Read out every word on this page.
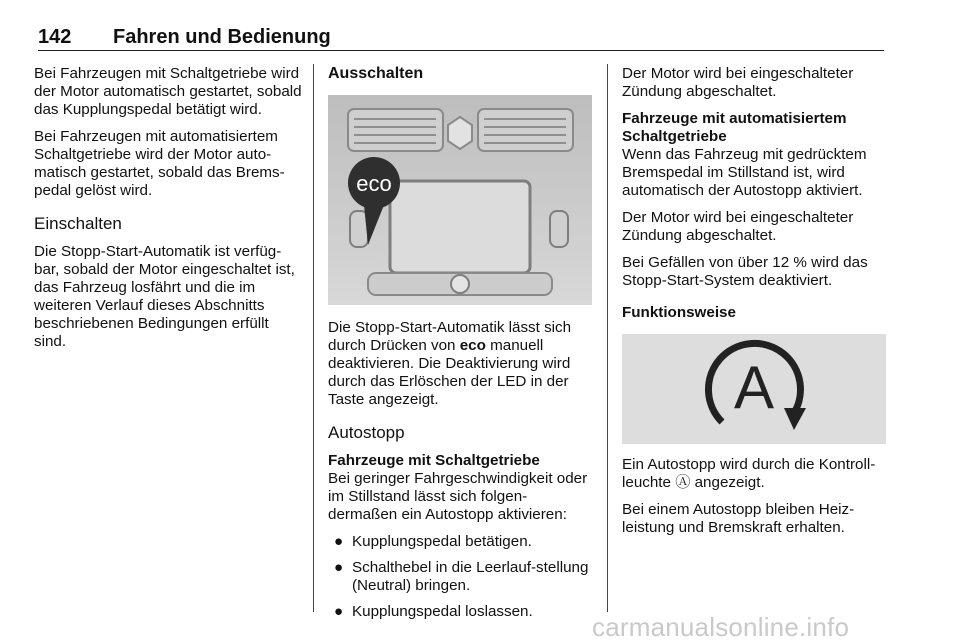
142 Fahren und Bedienung

Bei Fahrzeugen mit Schaltgetriebe wird der Motor automatisch gestartet, sobald das Kupplungspedal betätigt wird.

Bei Fahrzeugen mit automatisiertem Schaltgetriebe wird der Motor auto‐matisch gestartet, sobald das Brems‐pedal gelöst wird.

Einschalten

Die Stopp-Start-Automatik ist verfüg‐bar, sobald der Motor eingeschaltet ist, das Fahrzeug losfährt und die im weiteren Verlauf dieses Abschnitts beschriebenen Bedingungen erfüllt sind.

Ausschalten
eco

Die Stopp-Start-Automatik lässt sich durch Drücken von eco manuell deaktivieren. Die Deaktivierung wird durch das Erlöschen der LED in der Taste angezeigt.

Autostopp
Fahrzeuge mit Schaltgetriebe

Bei geringer Fahrgeschwindigkeit oder im Stillstand lässt sich folgen‐dermaßen ein Autostopp aktivieren:

● Kupplungspedal betätigen.
● Schalthebel in die Leerlauf‐stellung (Neutral) bringen.
● Kupplungspedal loslassen.

Der Motor wird bei eingeschalteter Zündung abgeschaltet.

Fahrzeuge mit automatisiertem Schaltgetriebe

Wenn das Fahrzeug mit gedrücktem Bremspedal im Stillstand ist, wird automatisch der Autostopp aktiviert.

Der Motor wird bei eingeschalteter Zündung abgeschaltet.

Bei Gefällen von über 12 % wird das Stopp-Start-System deaktiviert.

Funktionsweise
A

Ein Autostopp wird durch die Kontroll‐leuchte Ⓐ angezeigt.

Bei einem Autostopp bleiben Heiz‐leistung und Bremskraft erhalten.

carmanualsonline.info
